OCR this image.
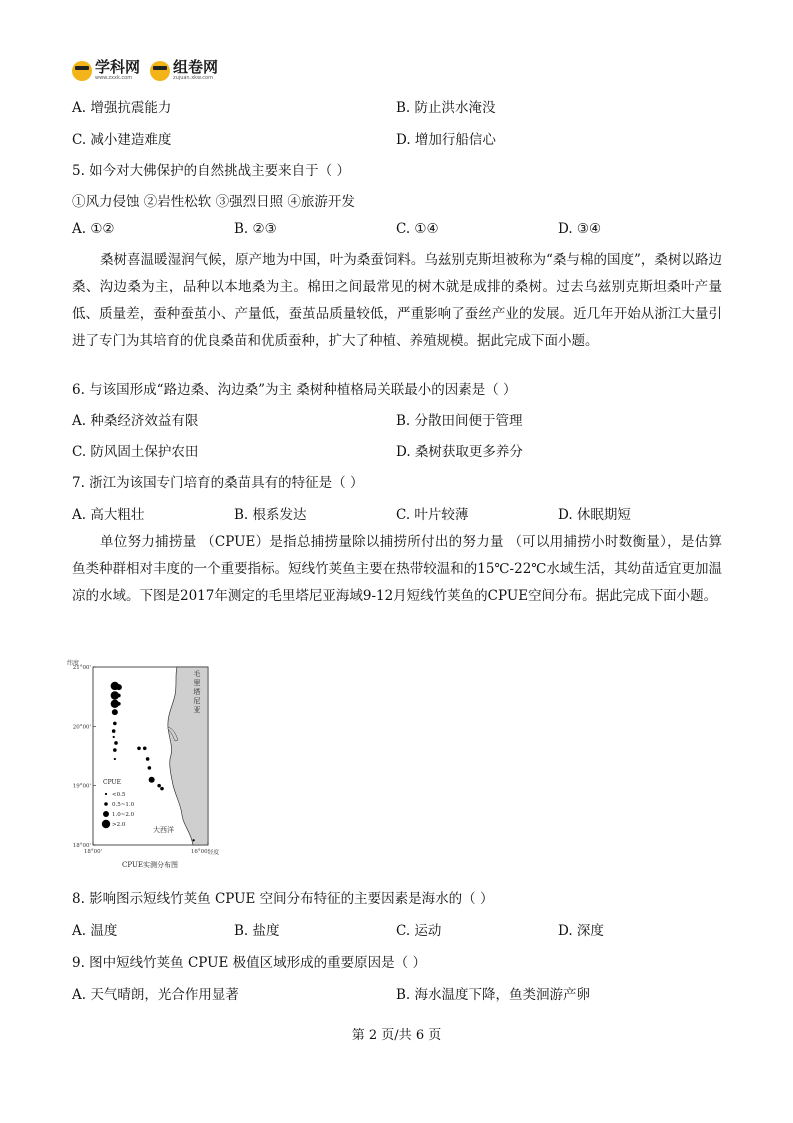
学科网
www.zxxk.com
组卷网
zujuan.xkw.com
A. 增强抗震能力	B. 防止洪水淹没
C. 减小建造难度	D. 增加行船信心
5. 如今对大佛保护的自然挑战主要来自于（ ）
①风力侵蚀 ②岩性松软 ③强烈日照 ④旅游开发
A. ①②	B. ②③	C. ①④	D. ③④
桑树喜温暖湿润气候，原产地为中国，叶为桑蚕饲料。乌兹别克斯坦被称为“桑与棉的国度”，桑树以路边桑、沟边桑为主，品种以本地桑为主。棉田之间最常见的树木就是成排的桑树。过去乌兹别克斯坦桑叶产量低、质量差，蚕种蚕茧小、产量低，蚕茧品质量较低，严重影响了蚕丝产业的发展。近几年开始从浙江大量引进了专门为其培育的优良桑苗和优质蚕种，扩大了种植、养殖规模。据此完成下面小题。
6. 与该国形成“路边桑、沟边桑”为主 桑树种植格局关联最小的因素是（ ）
A. 种桑经济效益有限	B. 分散田间便于管理
C. 防风固土保护农田	D. 桑树获取更多养分
7. 浙江为该国专门培育的桑苗具有的特征是（ ）
A. 高大粗壮	B. 根系发达	C. 叶片较薄	D. 休眠期短
单位努力捕捞量 （CPUE）是指总捕捞量除以捕捞所付出的努力量 （可以用捕捞小时数衡量），是估算鱼类种群相对丰度的一个重要指标。短线竹荚鱼主要在热带较温和的15℃-22℃水域生活，其幼苗适宜更加温凉的水域。下图是2017年测定的毛里塔尼亚海域9-12月短线竹荚鱼的CPUE空间分布。据此完成下面小题。
纬度
毛
里
塔
尼
亚
大西洋
21°00'
20°00'
19°00'
18°00'
18°00'	16°00'
CPUE
<0.5
0.5~1.0
1.0~2.0
>2.0
经度
CPUE实测分布图
8. 影响图示短线竹荚鱼 CPUE 空间分布特征的主要因素是海水的（ ）
A. 温度	B. 盐度	C. 运动	D. 深度
9. 图中短线竹荚鱼 CPUE 极值区域形成的重要原因是（ ）
A. 天气晴朗，光合作用显著	B. 海水温度下降，鱼类洄游产卵
第 2 页/共 6 页
